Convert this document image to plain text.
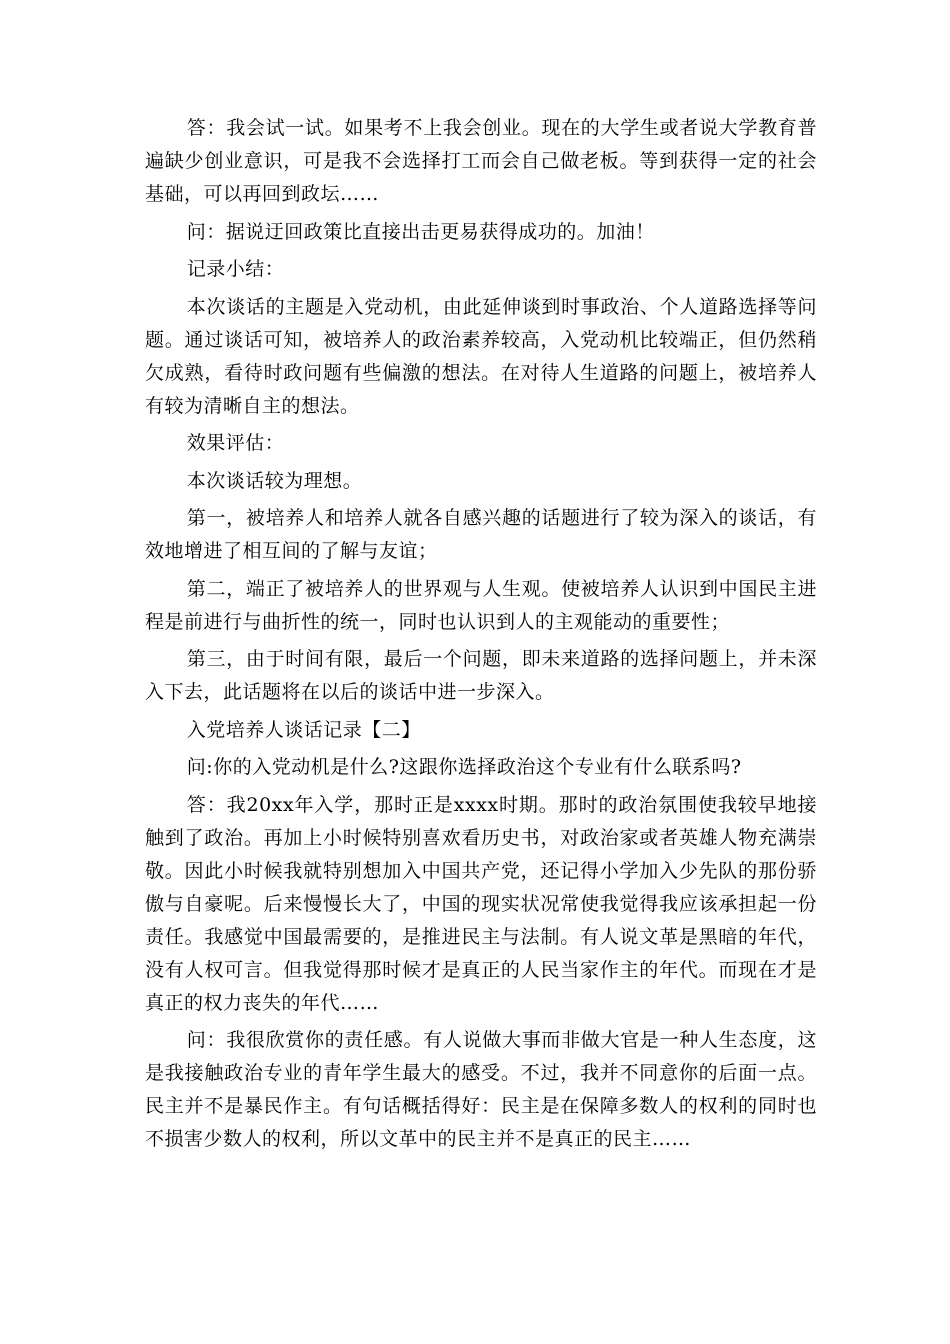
答：我会试一试。如果考不上我会创业。现在的大学生或者说大学教育普遍缺少创业意识，可是我不会选择打工而会自己做老板。等到获得一定的社会基础，可以再回到政坛……

问：据说迂回政策比直接出击更易获得成功的。加油！

记录小结：

本次谈话的主题是入党动机，由此延伸谈到时事政治、个人道路选择等问题。通过谈话可知，被培养人的政治素养较高，入党动机比较端正，但仍然稍欠成熟，看待时政问题有些偏激的想法。在对待人生道路的问题上，被培养人有较为清晰自主的想法。

效果评估：

本次谈话较为理想。

第一，被培养人和培养人就各自感兴趣的话题进行了较为深入的谈话，有效地增进了相互间的了解与友谊；

第二，端正了被培养人的世界观与人生观。使被培养人认识到中国民主进程是前进行与曲折性的统一，同时也认识到人的主观能动的重要性；

第三，由于时间有限，最后一个问题，即未来道路的选择问题上，并未深入下去，此话题将在以后的谈话中进一步深入。

入党培养人谈话记录【二】

问:你的入党动机是什么?这跟你选择政治这个专业有什么联系吗?

答：我20xx年入学，那时正是xxxx时期。那时的政治氛围使我较早地接触到了政治。再加上小时候特别喜欢看历史书，对政治家或者英雄人物充满崇敬。因此小时候我就特别想加入中国共产党，还记得小学加入少先队的那份骄傲与自豪呢。后来慢慢长大了，中国的现实状况常使我觉得我应该承担起一份责任。我感觉中国最需要的，是推进民主与法制。有人说文革是黑暗的年代，没有人权可言。但我觉得那时候才是真正的人民当家作主的年代。而现在才是真正的权力丧失的年代……

问：我很欣赏你的责任感。有人说做大事而非做大官是一种人生态度，这是我接触政治专业的青年学生最大的感受。不过，我并不同意你的后面一点。民主并不是暴民作主。有句话概括得好：民主是在保障多数人的权利的同时也不损害少数人的权利，所以文革中的民主并不是真正的民主……
